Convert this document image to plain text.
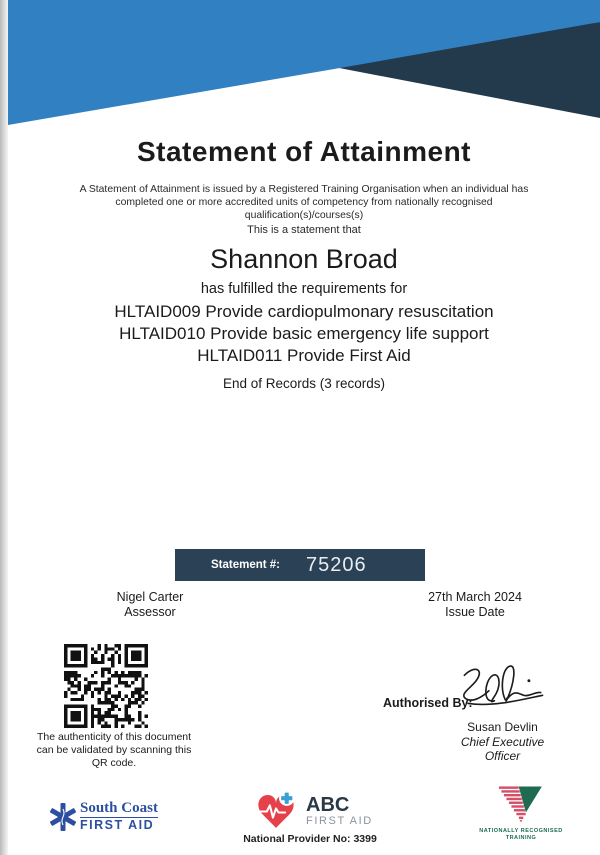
Statement of Attainment

A Statement of Attainment is issued by a Registered Training Organisation when an individual has completed one or more accredited units of competency from nationally recognised qualification(s)/courses(s)

This is a statement that

Shannon Broad

has fulfilled the requirements for

HLTAID009 Provide cardiopulmonary resuscitation
HLTAID010 Provide basic emergency life support
HLTAID011 Provide First Aid

End of Records (3 records)

Statement #: 75206
Nigel Carter
Assessor
27th March 2024
Issue Date

The authenticity of this document can be validated by scanning this QR code.

Authorised By:
Susan Devlin
Chief Executive Officer
South Coast
FIRST AID
ABC
FIRST AID
National Provider No: 3399
NATIONALLY RECOGNISED TRAINING
